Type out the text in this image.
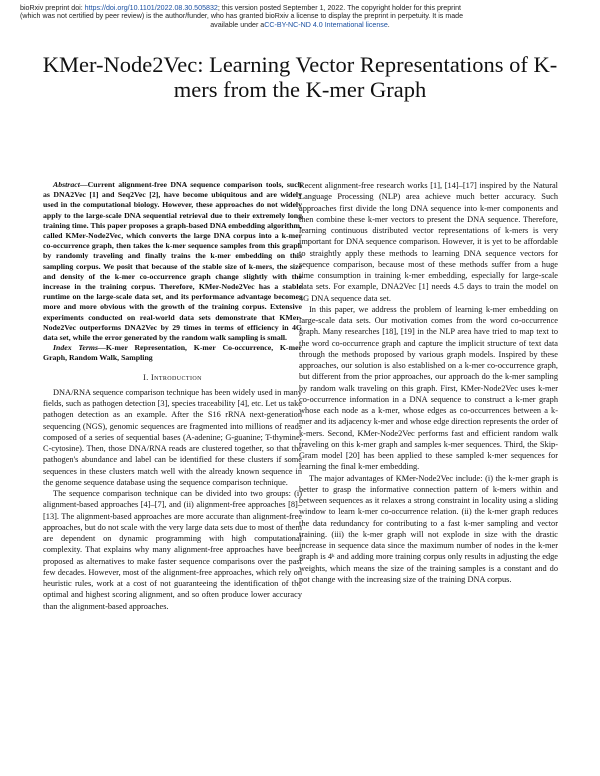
bioRxiv preprint doi: https://doi.org/10.1101/2022.08.30.505832; this version posted September 1, 2022. The copyright holder for this preprint
(which was not certified by peer review) is the author/funder, who has granted bioRxiv a license to display the preprint in perpetuity. It is made
available under aCC-BY-NC-ND 4.0 International license.
KMer-Node2Vec: Learning Vector Representations of K-mers from the K-mer Graph

Abstract—Current alignment-free DNA sequence comparison tools, such as DNA2Vec [1] and Seq2Vec [2], have become ubiquitous and are widely used in the computational biology. However, these approaches do not widely apply to the large-scale DNA sequential retrieval due to their extremely long training time. This paper proposes a graph-based DNA embedding algorithm, called KMer-Node2Vec, which converts the large DNA corpus into a k-mer co-occurrence graph, then takes the k-mer sequence samples from this graph by randomly traveling and finally trains the k-mer embedding on this sampling corpus. We posit that because of the stable size of k-mers, the size and density of the k-mer co-occurrence graph change slightly with the increase in the training corpus. Therefore, KMer-Node2Vec has a stable runtime on the large-scale data set, and its performance advantage becomes more and more obvious with the growth of the training corpus. Extensive experiments conducted on real-world data sets demonstrate that KMer-Node2Vec outperforms DNA2Vec by 29 times in terms of efficiency in 4G data set, while the error generated by the random walk sampling is small.

Index Terms—K-mer Representation, K-mer Co-occurrence, K-mer Graph, Random Walk, Sampling

I. Introduction

DNA/RNA sequence comparison technique has been widely used in many fields, such as pathogen detection [3], species traceability [4], etc. Let us take pathogen detection as an example. After the S16 rRNA next-generation sequencing (NGS), genomic sequences are fragmented into millions of reads composed of a series of sequential bases (A-adenine; G-guanine; T-thymine; C-cytosine). Then, those DNA/RNA reads are clustered together, so that the pathogen's abundance and label can be identified for these clusters if some sequences in these clusters match well with the already known sequence in the genome sequence database using the sequence comparison technique.

The sequence comparison technique can be divided into two groups: (i) alignment-based approaches [4]–[7], and (ii) alignment-free approaches [8]–[13]. The alignment-based approaches are more accurate than alignment-free approaches, but do not scale with the very large data sets due to most of them are dependent on dynamic programming with high computational complexity. That explains why many alignment-free approaches have been proposed as alternatives to make faster sequence comparisons over the past few decades. However, most of the alignment-free approaches, which rely on heuristic rules, work at a cost of not guaranteeing the identification of the optimal and highest scoring alignment, and so often produce lower accuracy than the alignment-based approaches.

Recent alignment-free research works [1], [14]–[17] inspired by the Natural Language Processing (NLP) area achieve much better accuracy. Such approaches first divide the long DNA sequence into k-mer components and then combine these k-mer vectors to present the DNA sequence. Therefore, learning continuous distributed vector representations of k-mers is very important for DNA sequence comparison. However, it is yet to be affordable to straightly apply these methods to learning DNA sequence vectors for sequence comparison, because most of these methods suffer from a huge time consumption in training k-mer embedding, especially for large-scale data sets. For example, DNA2Vec [1] needs 4.5 days to train the model on 4G DNA sequence data set.

In this paper, we address the problem of learning k-mer embedding on large-scale data sets. Our motivation comes from the word co-occurrence graph. Many researches [18], [19] in the NLP area have tried to map text to the word co-occurrence graph and capture the implicit structure of text data through the methods proposed by various graph models. Inspired by these approaches, our solution is also established on a k-mer co-occurrence graph, but different from the prior approaches, our approach do the k-mer sampling by random walk traveling on this graph. First, KMer-Node2Vec uses k-mer co-occurrence information in a DNA sequence to construct a k-mer graph whose each node as a k-mer, whose edges as co-occurrences between a k-mer and its adjacency k-mer and whose edge direction represents the order of k-mers. Second, KMer-Node2Vec performs fast and efficient random walk traveling on this k-mer graph and samples k-mer sequences. Third, the Skip-Gram model [20] has been applied to these sampled k-mer sequences for learning the final k-mer embedding.

The major advantages of KMer-Node2Vec include: (i) the k-mer graph is better to grasp the informative connection pattern of k-mers within and between sequences as it relaxes a strong constraint in locality using a sliding window to learn k-mer co-occurrence relation. (ii) the k-mer graph reduces the data redundancy for contributing to a fast k-mer sampling and vector training. (iii) the k-mer graph will not explode in size with the drastic increase in sequence data since the maximum number of nodes in the k-mer graph is 4ᵏ and adding more training corpus only results in adjusting the edge weights, which means the size of the training samples is a constant and do not change with the increasing size of the training DNA corpus.
